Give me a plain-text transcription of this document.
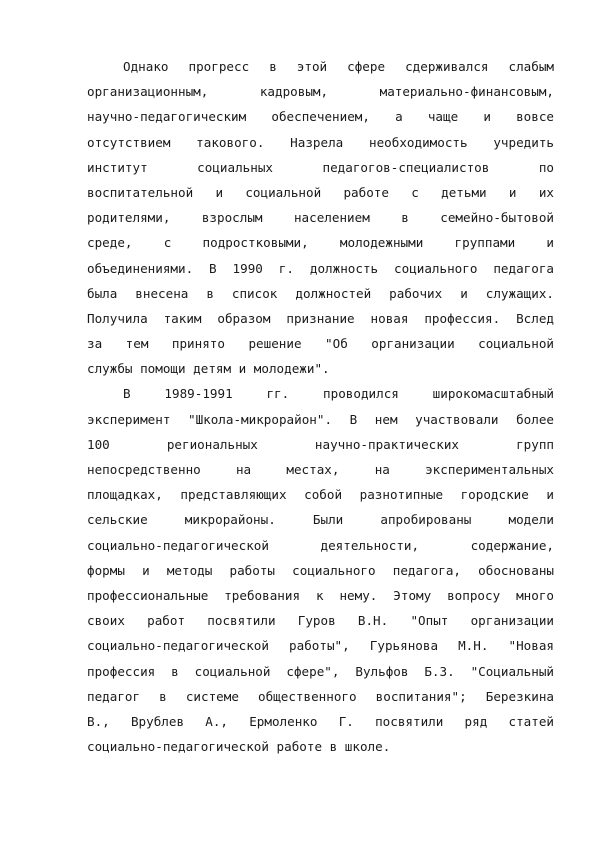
Однако прогресс в этой сфере сдерживался слабым
организационным, кадровым, материально-финансовым,
научно-педагогическим обеспечением, а чаще и вовсе
отсутствием такового. Назрела необходимость учредить
институт социальных педагогов-специалистов по
воспитательной и социальной работе с детьми и их
родителями, взрослым населением в семейно-бытовой
среде, с подростковыми, молодежными группами и
объединениями. В 1990 г. должность социального педагога
была внесена в список должностей рабочих и служащих.
Получила таким образом признание новая профессия. Вслед
за тем принято решение "Об организации социальной
службы помощи детям и молодежи".
В 1989-1991 гг. проводился широкомасштабный
эксперимент "Школа-микрорайон". В нем участвовали более
100 региональных научно-практических групп
непосредственно на местах, на экспериментальных
площадках, представляющих собой разнотипные городские и
сельские микрорайоны. Были апробированы модели
социально-педагогической деятельности, содержание,
формы и методы работы социального педагога, обоснованы
профессиональные требования к нему. Этому вопросу много
своих работ посвятили Гуров В.Н. "Опыт организации
социально-педагогической работы", Гурьянова М.Н. "Новая
профессия в социальной сфере", Вульфов Б.З. "Социальный
педагог в системе общественного воспитания"; Березкина
В., Врублев А., Ермоленко Г. посвятили ряд статей
социально-педагогической работе в школе.
